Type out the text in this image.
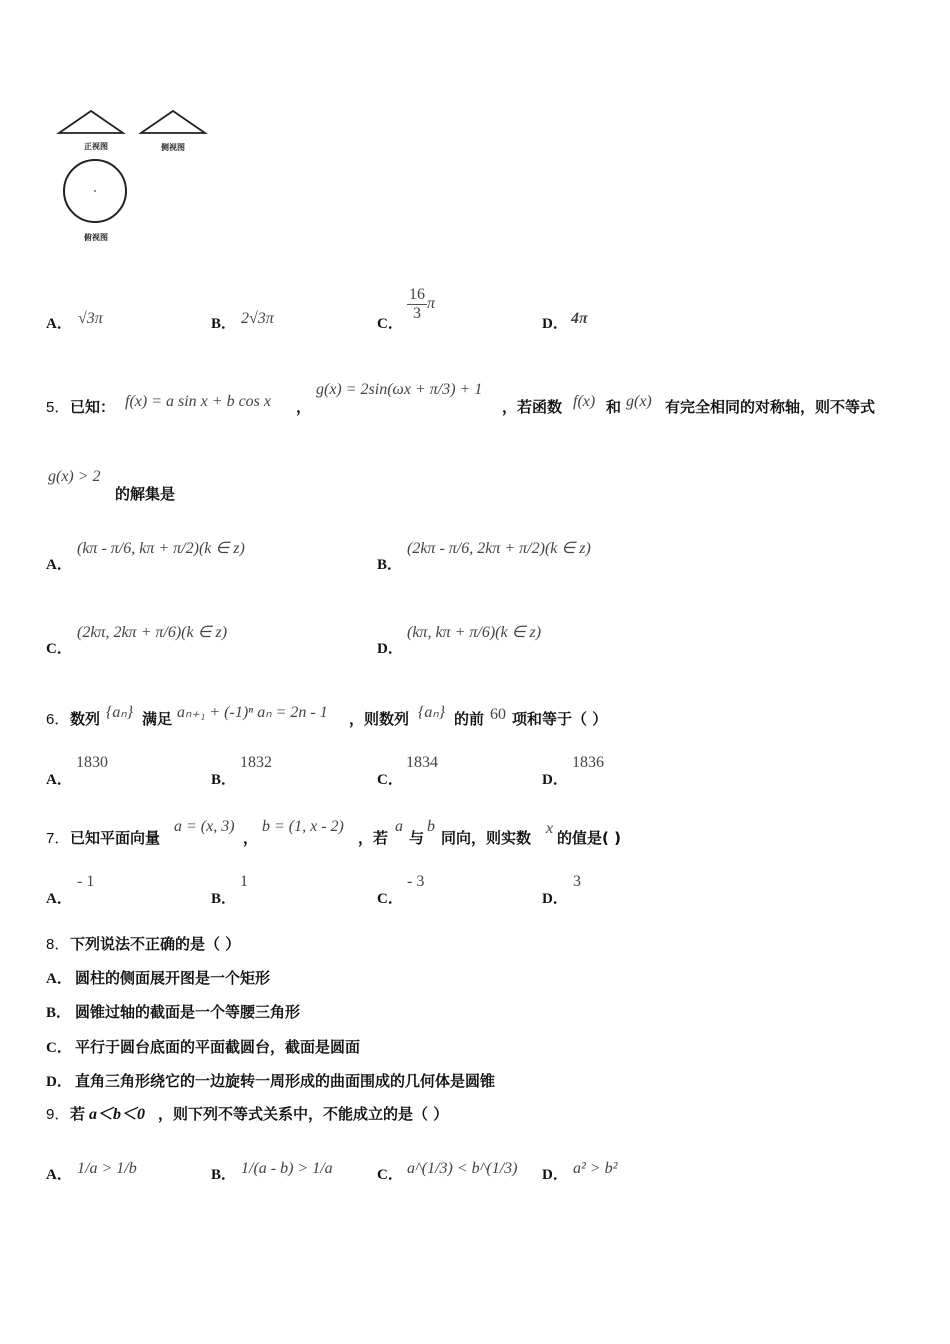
正视图	侧视图
俯视图
A． √3π	B． 2√3π	C．
$\frac{16}{3}$ π
D． 4π
5． 已知： f(x) = a sin x + b cos x ，
g(x) = 2sin(ωx + π/3) + 1
，若函数 f(x) 和 g(x) 有完全相同的对称轴，则不等式
g(x) > 2
的解集是
A．
(kπ - π/6, kπ + π/2)(k ∈ z)
B．
(2kπ - π/6, 2kπ + π/2)(k ∈ z)
C．
(2kπ, 2kπ + π/6)(k ∈ z)
D．
(kπ, kπ + π/6)(k ∈ z)
6． 数列 {aₙ} 满足 aₙ₊₁ + (-1)ⁿ aₙ = 2n - 1 ，则数列 {aₙ} 的前 60 项和等于（ ）
A．
1830
B．
1832
C．
1834
D．
1836
7． 已知平面向量
a = (x, 3)
，
b = (1, x - 2)
，若
a
与
b
同向，则实数
x
的值是( )
A．
- 1
B．
1
C．
- 3
D．
3
8． 下列说法不正确的是（ ）
A． 圆柱的侧面展开图是一个矩形
B． 圆锥过轴的截面是一个等腰三角形
C． 平行于圆台底面的平面截圆台，截面是圆面
D． 直角三角形绕它的一边旋转一周形成的曲面围成的几何体是圆锥
9． 若 a＜b＜0 ，则下列不等式关系中，不能成立的是（ ）
A． 1/a > 1/b	B． 1/(a - b) > 1/a	C． a^(1/3) < b^(1/3) D． a² > b²
